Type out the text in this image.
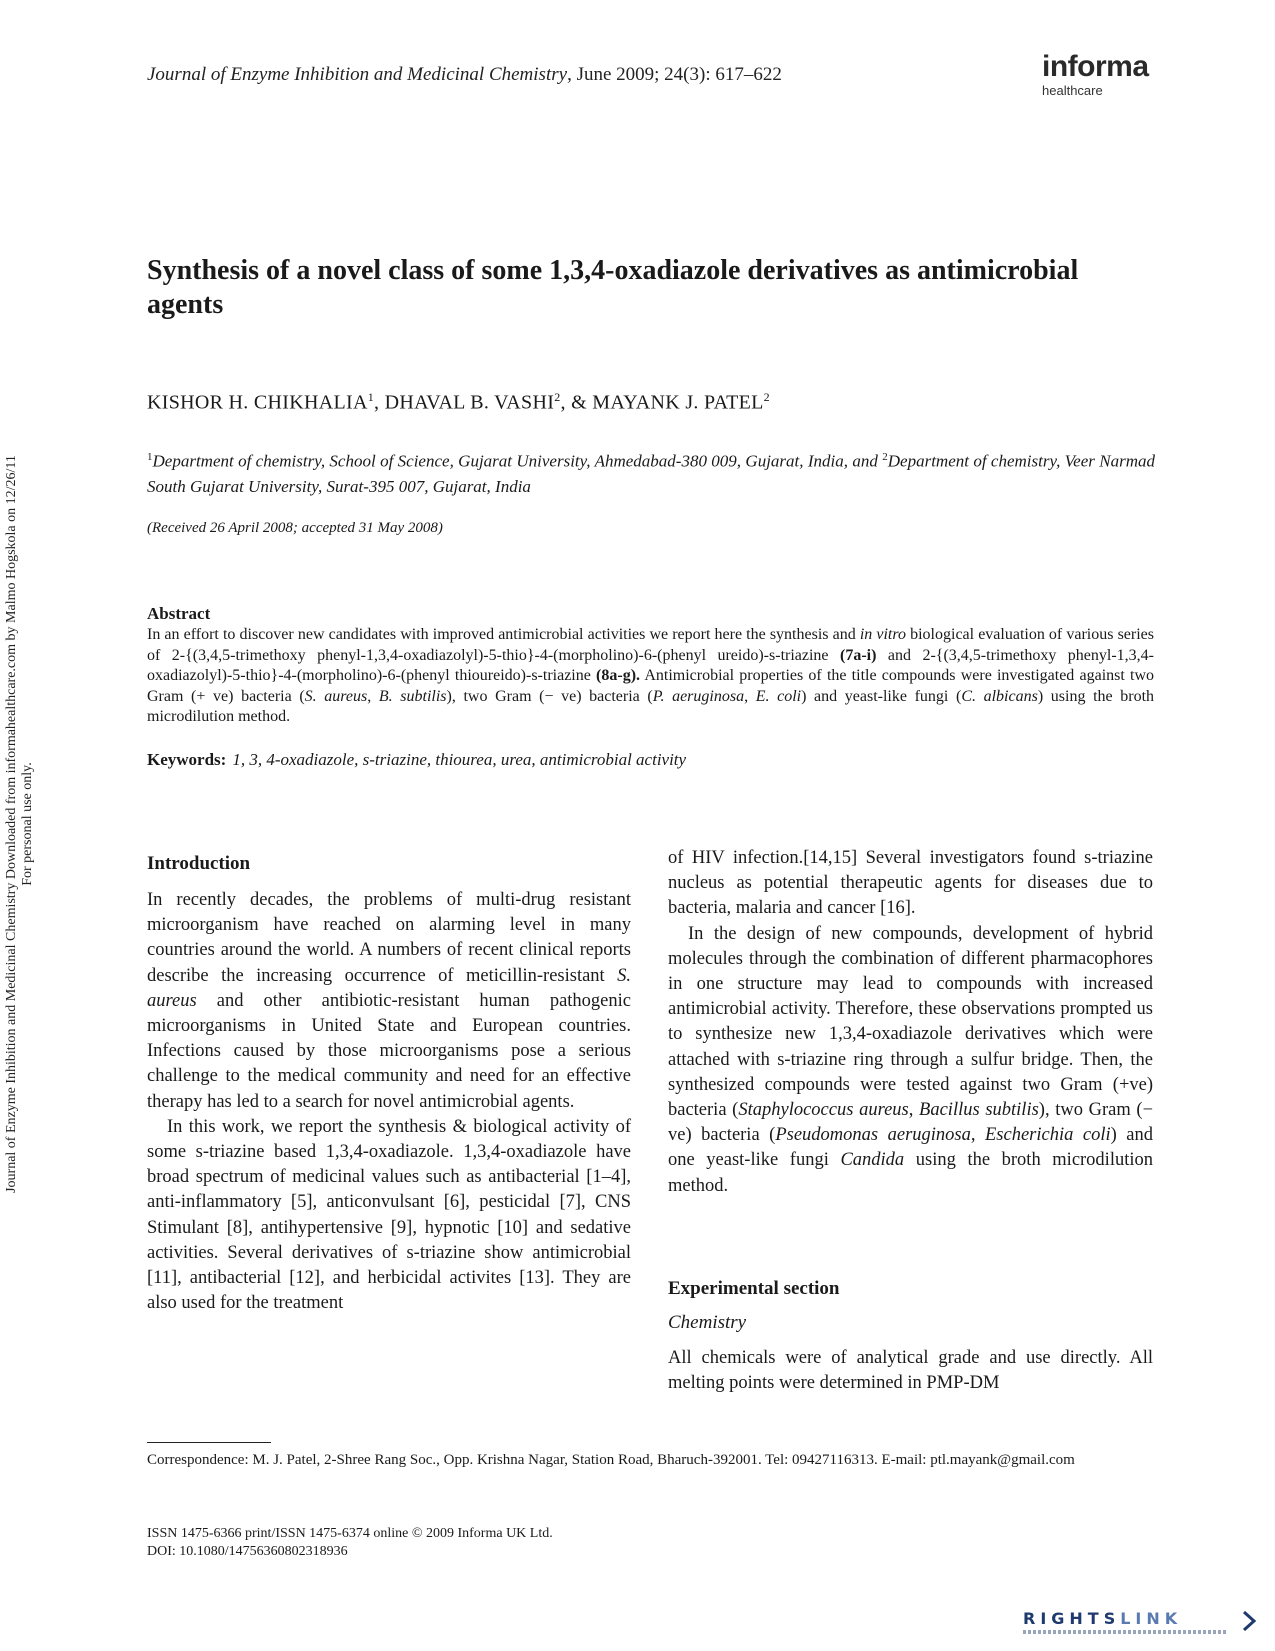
Journal of Enzyme Inhibition and Medicinal Chemistry, June 2009; 24(3): 617–622	informa
healthcare
Journal of Enzyme Inhibition and Medicinal Chemistry Downloaded from informahealthcare.com by Malmo Hogskola on 12/26/11 For personal use only.
Synthesis of a novel class of some 1,3,4-oxadiazole derivatives as antimicrobial agents
KISHOR H. CHIKHALIA$^1$, DHAVAL B. VASHI$^2$, & MAYANK J. PATEL$^2$
$^1$Department of chemistry, School of Science, Gujarat University, Ahmedabad-380 009, Gujarat, India, and $^2$Department of chemistry, Veer Narmad South Gujarat University, Surat-395 007, Gujarat, India
(Received 26 April 2008; accepted 31 May 2008)
Abstract
In an effort to discover new candidates with improved antimicrobial activities we report here the synthesis and in vitro biological evaluation of various series of 2-{(3,4,5-trimethoxy phenyl-1,3,4-oxadiazolyl)-5-thio}-4-(morpholino)-6-(phenyl ureido)-s-triazine (7a-i) and 2-{(3,4,5-trimethoxy phenyl-1,3,4-oxadiazolyl)-5-thio}-4-(morpholino)-6-(phenyl thioureido)-s-triazine (8a-g). Antimicrobial properties of the title compounds were investigated against two Gram (+ ve) bacteria (S. aureus, B. subtilis), two Gram (− ve) bacteria (P. aeruginosa, E. coli) and yeast-like fungi (C. albicans) using the broth microdilution method.
Keywords: 1, 3, 4-oxadiazole, s-triazine, thiourea, urea, antimicrobial activity
Introduction

In recently decades, the problems of multi-drug resistant microorganism have reached on alarming level in many countries around the world. A numbers of recent clinical reports describe the increasing occurrence of meticillin-resistant S. aureus and other antibiotic-resistant human pathogenic microorganisms in United State and European countries. Infections caused by those microorganisms pose a serious challenge to the medical community and need for an effective therapy has led to a search for novel antimicrobial agents.

In this work, we report the synthesis & biological activity of some s-triazine based 1,3,4-oxadiazole. 1,3,4-oxadiazole have broad spectrum of medicinal values such as antibacterial [1–4], anti-inflammatory [5], anticonvulsant [6], pesticidal [7], CNS Stimulant [8], antihypertensive [9], hypnotic [10] and sedative activities. Several derivatives of s-triazine show antimicrobial [11], antibacterial [12], and herbicidal activites [13]. They are also used for the treatment

of HIV infection.[14,15] Several investigators found s-triazine nucleus as potential therapeutic agents for diseases due to bacteria, malaria and cancer [16].

In the design of new compounds, development of hybrid molecules through the combination of different pharmacophores in one structure may lead to compounds with increased antimicrobial activity. Therefore, these observations prompted us to synthesize new 1,3,4-oxadiazole derivatives which were attached with s-triazine ring through a sulfur bridge. Then, the synthesized compounds were tested against two Gram (+ve) bacteria (Staphylococcus aureus, Bacillus subtilis), two Gram (− ve) bacteria (Pseudomonas aeruginosa, Escherichia coli) and one yeast-like fungi Candida using the broth microdilution method.

Experimental section
Chemistry
All chemicals were of analytical grade and use directly. All melting points were determined in PMP-DM
Correspondence: M. J. Patel, 2-Shree Rang Soc., Opp. Krishna Nagar, Station Road, Bharuch-392001. Tel: 09427116313. E-mail: ptl.mayank@gmail.com
ISSN 1475-6366 print/ISSN 1475-6374 online © 2009 Informa UK Ltd.
DOI: 10.1080/14756360802318936
RIGHTSLINK
